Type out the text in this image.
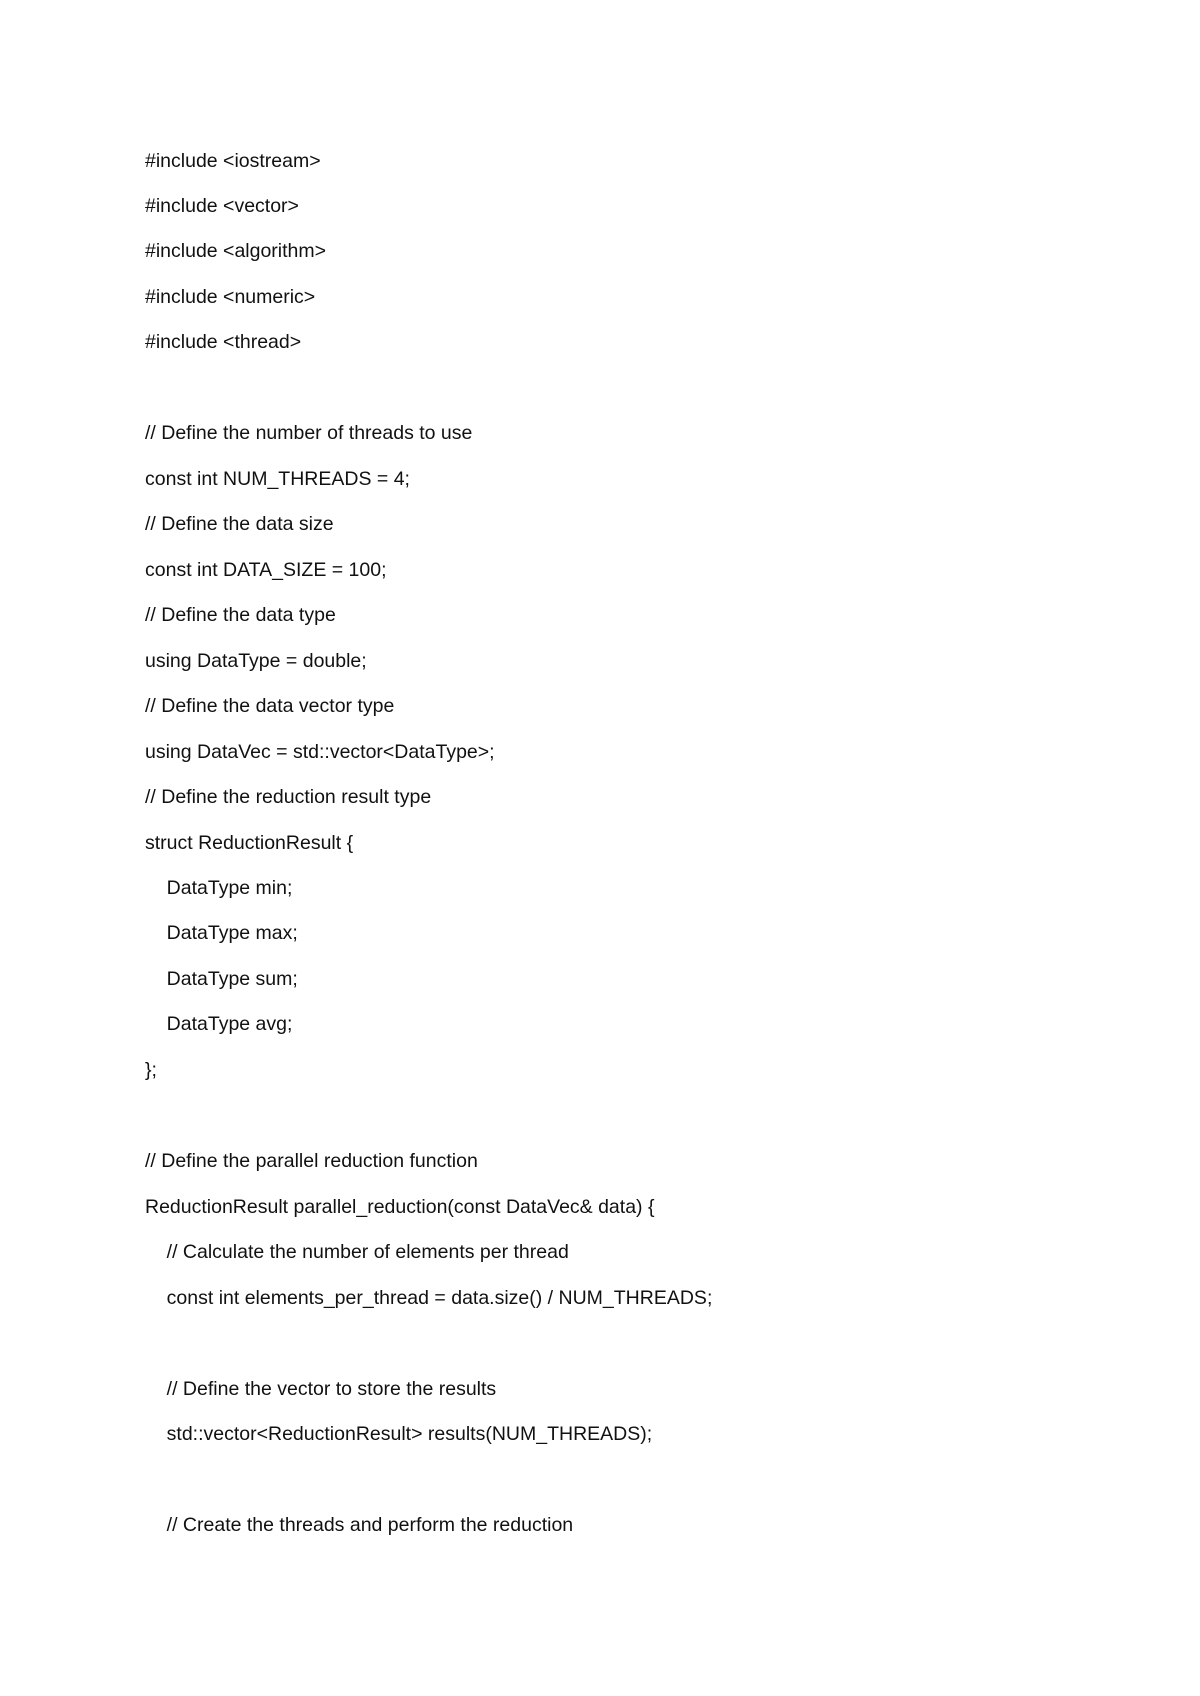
#include <iostream>

#include <vector>

#include <algorithm>

#include <numeric>

#include <thread>

// Define the number of threads to use

const int NUM_THREADS = 4;

// Define the data size

const int DATA_SIZE = 100;

// Define the data type

using DataType = double;

// Define the data vector type

using DataVec = std::vector<DataType>;

// Define the reduction result type

struct ReductionResult {

DataType min;

DataType max;

DataType sum;

DataType avg;

};

// Define the parallel reduction function

ReductionResult parallel_reduction(const DataVec& data) {

// Calculate the number of elements per thread

const int elements_per_thread = data.size() / NUM_THREADS;

// Define the vector to store the results

std::vector<ReductionResult> results(NUM_THREADS);

// Create the threads and perform the reduction
